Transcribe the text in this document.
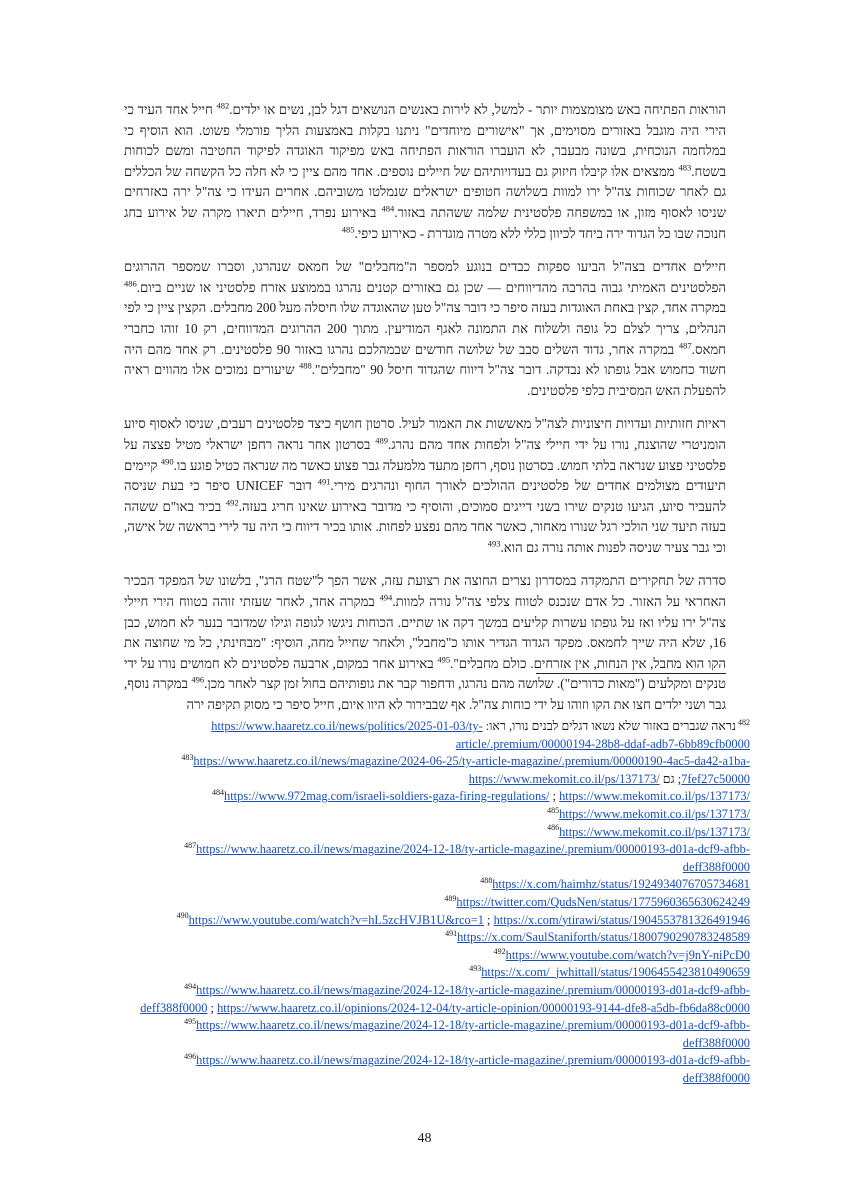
הוראות הפתיחה באש מצומצמות יותר - למשל, לא לירות באנשים הנושאים דגל לבן, נשים או ילדים.$^{482}$ חייל אחד העיד כי הירי היה מוגבל באזורים מסוימים, אך "אישורים מיוחדים" ניתנו בקלות באמצעות הליך פורמלי פשוט. הוא הוסיף כי במלחמה הנוכחית, בשונה מבעבר, לא הועברו הוראות הפתיחה באש מפיקוד האוגדה לפיקוד החטיבה ומשם לכוחות בשטח.$^{483}$ ממצאים אלו קיבלו חיזוק גם בעדויותיהם של חיילים נוספים. אחד מהם ציין כי לא חלה כל הקשחה של הכללים גם לאחר שכוחות צה"ל ירו למוות בשלושה חטופים ישראלים שנמלטו משוביהם. אחרים העידו כי צה"ל ירה באזרחים שניסו לאסוף מזון, או במשפחה פלסטינית שלמה ששהתה באזור.$^{484}$ באירוע נפרד, חיילים תיארו מקרה של אירוע בחג חנוכה שבו כל הגדוד ירה ביחד לכיוון כללי ללא מטרה מוגדרת - כאירוע כיפי.$^{485}$

חיילים אחדים בצה"ל הביעו ספקות כבדים בנוגע למספר ה"מחבלים" של חמאס שנהרגו, וסברו שמספר ההרוגים הפלסטינים האמיתי גבוה בהרבה מהדיווחים — שכן גם באזורים קטנים נהרגו בממוצע אזרח פלסטיני או שניים ביום.$^{486}$ במקרה אחד, קצין באחת האוגדות בעזה סיפר כי דובר צה"ל טען שהאוגדה שלו חיסלה מעל 200 מחבלים. הקצין ציין כי לפי הנהלים, צריך לצלם כל גופה ולשלוח את התמונה לאגף המודיעין. מתוך 200 ההרוגים המדווחים, רק 10 זוהו כחברי חמאס.$^{487}$ במקרה אחר, גדוד השלים סבב של שלושה חודשים שבמהלכם נהרגו באזור 90 פלסטינים. רק אחד מהם היה חשוד כחמוש אבל גופתו לא נבדקה. דובר צה"ל דיווח שהגדוד חיסל 90 "מחבלים".$^{488}$ שיעורים נמוכים אלו מהווים ראיה להפעלת האש המסיבית כלפי פלסטינים.

ראיות חזותיות ועדויות חיצוניות לצה"ל מאששות את האמור לעיל. סרטון חושף כיצד פלסטינים רעבים, שניסו לאסוף סיוע הומניטרי שהוצנח, נורו על ידי חיילי צה"ל ולפחות אחד מהם נהרג.$^{489}$ בסרטון אחר נראה רחפן ישראלי מטיל פצצה על פלסטיני פצוע שנראה בלתי חמוש. בסרטון נוסף, רחפן מתעד מלמעלה גבר פצוע כאשר מה שנראה כטיל פוגע בו.$^{490}$ קיימים תיעודים מצולמים אחדים של פלסטינים ההולכים לאורך החוף ונהרגים מירי.$^{491}$ דובר UNICEF סיפר כי בעת שניסה להעביר סיוע, הגיעו טנקים שירו בשני דייגים סמוכים, והוסיף כי מדובר באירוע שאינו חריג בעזה.$^{492}$ בכיר באו"ם ששהה בעזה תיעד שני הולכי רגל שנורו מאחור, כאשר אחד מהם נפצע לפחות. אותו בכיר דיווח כי היה עד לירי בראשה של אישה, וכי גבר צעיר שניסה לפנות אותה נורה גם הוא.$^{493}$

סדרה של תחקירים התמקדה במסדרון נצרים החוצה את רצועת עזה, אשר הפך ל"שטח הרג", בלשונו של המפקד הבכיר האחראי על האזור. כל אדם שנכנס לטווח צלפי צה"ל נורה למוות.$^{494}$ במקרה אחד, לאחר שעזתי זוהה בטווח הירי חיילי צה"ל ירו עליו ואז על גופתו עשרות קליעים במשך דקה או שתיים. הכוחות ניגשו לגופה וגילו שמדובר בנער לא חמוש, כבן 16, שלא היה שייך לחמאס. מפקד הגדוד הגדיר אותו כ"מחבל", ולאחר שחייל מחה, הוסיף: "מבחינתי, כל מי שחוצה את הקו הוא מחבל, אין הנחות, אין אזרחים. כולם מחבלים".$^{495}$ באירוע אחר במקום, ארבעה פלסטינים לא חמושים נורו על ידי טנקים ומקלעים ("מאות כדורים"). שלושה מהם נהרגו, ודחפור קבר את גופותיהם בחול זמן קצר לאחר מכן.$^{496}$ במקרה נוסף, גבר ושני ילדים חצו את הקו וזוהו על ידי כוחות צה"ל. אף שבבירור לא היוו איום, חייל סיפר כי מסוק תקיפה ירה

$^{482}$נראה שגברים באזור שלא נשאו דגלים לבנים נורו, ראו: https://www.haaretz.co.il/news/politics/2025-01-03/ty-article/.premium/00000194-28b8-ddaf-adb7-6bb89cfb0000

$^{483}$https://www.haaretz.co.il/news/magazine/2024-06-25/ty-article-magazine/.premium/00000190-4ac5-da42-a1ba-7fef27c50000; גם https://www.mekomit.co.il/ps/137173/

$^{484}$https://www.972mag.com/israeli-soldiers-gaza-firing-regulations/ ; https://www.mekomit.co.il/ps/137173/

$^{485}$https://www.mekomit.co.il/ps/137173/

$^{486}$https://www.mekomit.co.il/ps/137173/

$^{487}$https://www.haaretz.co.il/news/magazine/2024-12-18/ty-article-magazine/.premium/00000193-d01a-dcf9-afbb-deff388f0000

$^{488}$https://x.com/haimhz/status/1924934076705734681

$^{489}$https://twitter.com/QudsNen/status/1775960365630624249

$^{490}$https://www.youtube.com/watch?v=hL5zcHVJB1U&rco=1 ; https://x.com/ytirawi/status/1904553781326491946

$^{491}$https://x.com/SaulStaniforth/status/1800790290783248589

$^{492}$https://www.youtube.com/watch?v=j9nY-niPcD0

$^{493}$https://x.com/_jwhittall/status/1906455423810490659

$^{494}$https://www.haaretz.co.il/news/magazine/2024-12-18/ty-article-magazine/.premium/00000193-d01a-dcf9-afbb-deff388f0000 ; https://www.haaretz.co.il/opinions/2024-12-04/ty-article-opinion/00000193-9144-dfe8-a5db-fb6da88c0000

$^{495}$https://www.haaretz.co.il/news/magazine/2024-12-18/ty-article-magazine/.premium/00000193-d01a-dcf9-afbb-deff388f0000

$^{496}$https://www.haaretz.co.il/news/magazine/2024-12-18/ty-article-magazine/.premium/00000193-d01a-dcf9-afbb-deff388f0000

48
